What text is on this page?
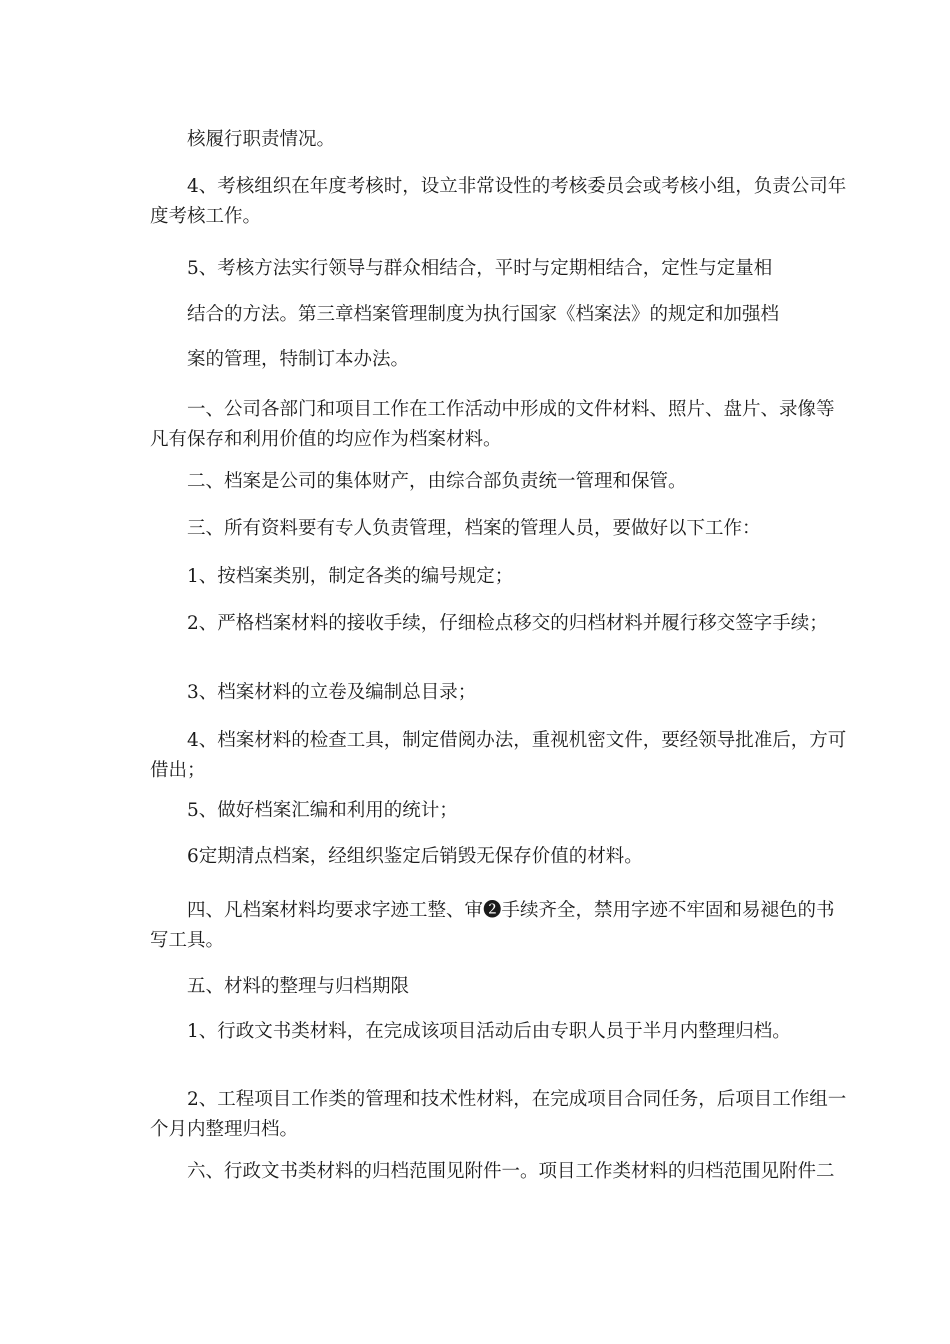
核履行职责情况。

4、考核组织在年度考核时，设立非常设性的考核委员会或考核小组，负责公司年度考核工作。

5、考核方法实行领导与群众相结合，平时与定期相结合，定性与定量相

结合的方法。第三章档案管理制度为执行国家《档案法》的规定和加强档

案的管理，特制订本办法。

一、公司各部门和项目工作在工作活动中形成的文件材料、照片、盘片、录像等凡有保存和利用价值的均应作为档案材料。

二、档案是公司的集体财产，由综合部负责统一管理和保管。

三、所有资料要有专人负责管理，档案的管理人员，要做好以下工作：

1、按档案类别，制定各类的编号规定；

2、严格档案材料的接收手续，仔细检点移交的归档材料并履行移交签字手续；

3、档案材料的立卷及编制总目录；

4、档案材料的检查工具，制定借阅办法，重视机密文件，要经领导批准后，方可借出；

5、做好档案汇编和利用的统计；

6定期清点档案，经组织鉴定后销毁无保存价值的材料。

四、凡档案材料均要求字迹工整、审❷手续齐全，禁用字迹不牢固和易褪色的书写工具。

五、材料的整理与归档期限

1、行政文书类材料，在完成该项目活动后由专职人员于半月内整理归档。

2、工程项目工作类的管理和技术性材料，在完成项目合同任务，后项目工作组一个月内整理归档。

六、行政文书类材料的归档范围见附件一。项目工作类材料的归档范围见附件二
